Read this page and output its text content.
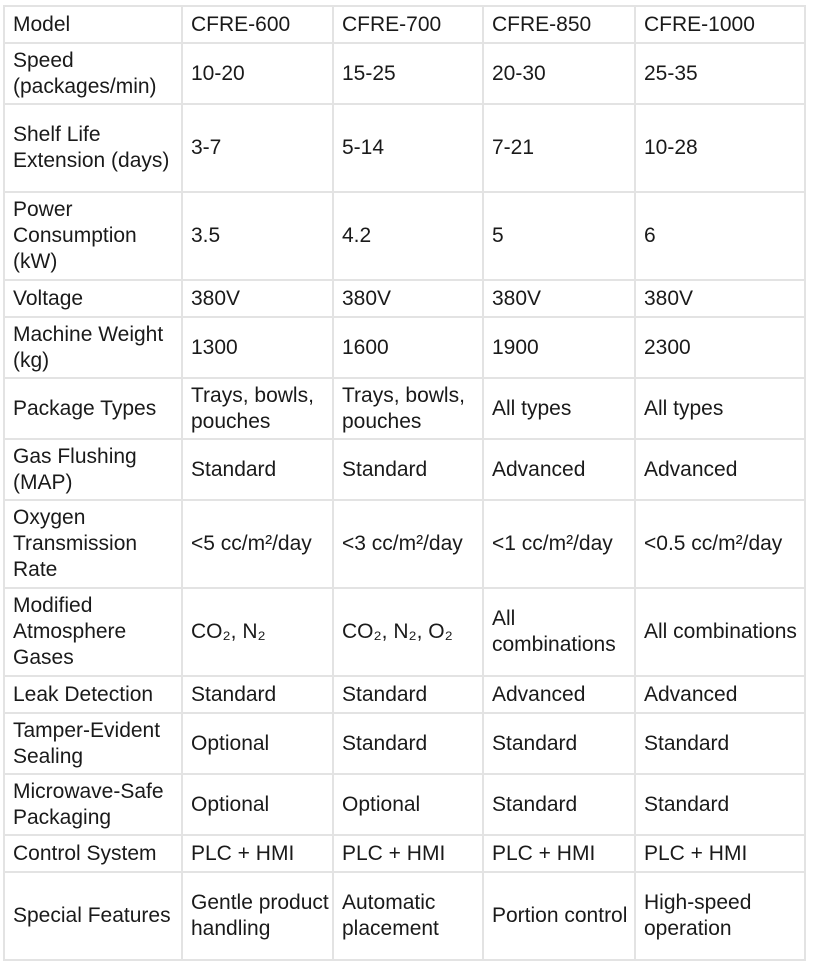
Model	CFRE-600	CFRE-700	CFRE-850	CFRE-1000
Speed (packages/min)	10-20	15-25	20-30	25-35
Shelf Life Extension (days)	3-7	5-14	7-21	10-28
Power Consumption (kW)	3.5	4.2	5	6
Voltage	380V	380V	380V	380V
Machine Weight (kg)	1300	1600	1900	2300
Package Types	Trays, bowls, pouches	Trays, bowls, pouches	All types	All types
Gas Flushing (MAP)	Standard	Standard	Advanced	Advanced
Oxygen Transmission Rate	<5 cc/m²/day	<3 cc/m²/day	<1 cc/m²/day	<0.5 cc/m²/day
Modified Atmosphere Gases	CO₂, N₂	CO₂, N₂, O₂	All combinations	All combinations
Leak Detection	Standard	Standard	Advanced	Advanced
Tamper-Evident Sealing	Optional	Standard	Standard	Standard
Microwave-Safe Packaging	Optional	Optional	Standard	Standard
Control System	PLC + HMI	PLC + HMI	PLC + HMI	PLC + HMI
Special Features	Gentle product handling	Automatic placement	Portion control	High-speed operation
